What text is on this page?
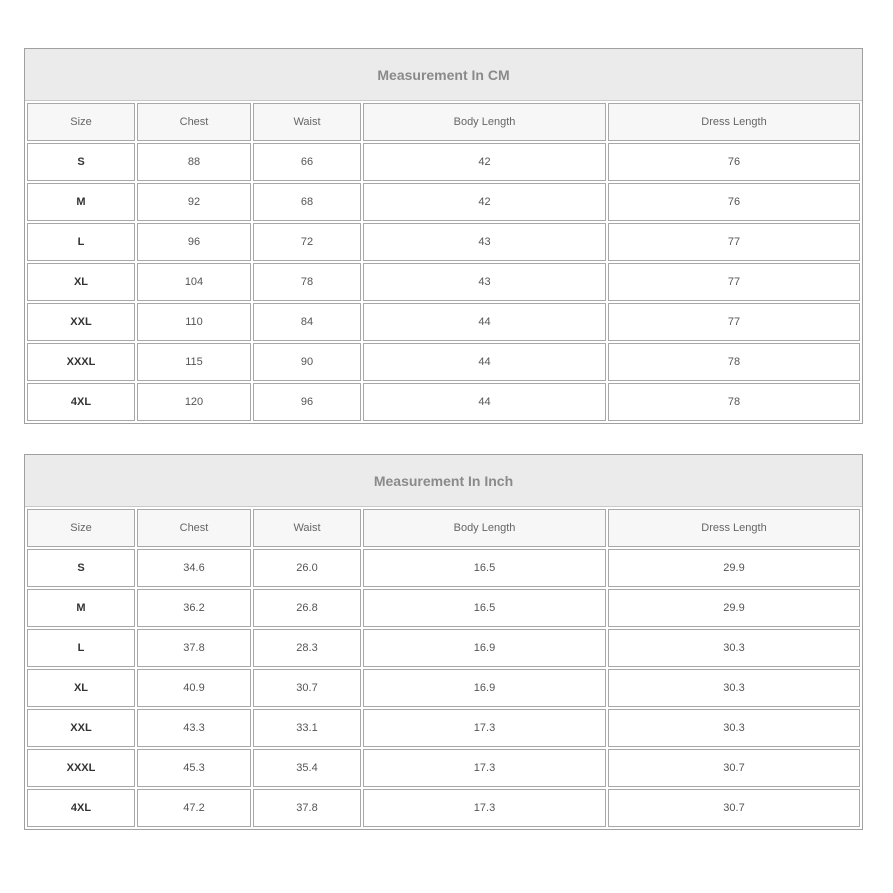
Measurement In CM
Size	Chest	Waist	Body Length	Dress Length
S	88	66	42	76
M	92	68	42	76
L	96	72	43	77
XL	104	78	43	77
XXL	110	84	44	77
XXXL	115	90	44	78
4XL	120	96	44	78
Measurement In Inch
Size	Chest	Waist	Body Length	Dress Length
S	34.6	26.0	16.5	29.9
M	36.2	26.8	16.5	29.9
L	37.8	28.3	16.9	30.3
XL	40.9	30.7	16.9	30.3
XXL	43.3	33.1	17.3	30.3
XXXL	45.3	35.4	17.3	30.7
4XL	47.2	37.8	17.3	30.7
